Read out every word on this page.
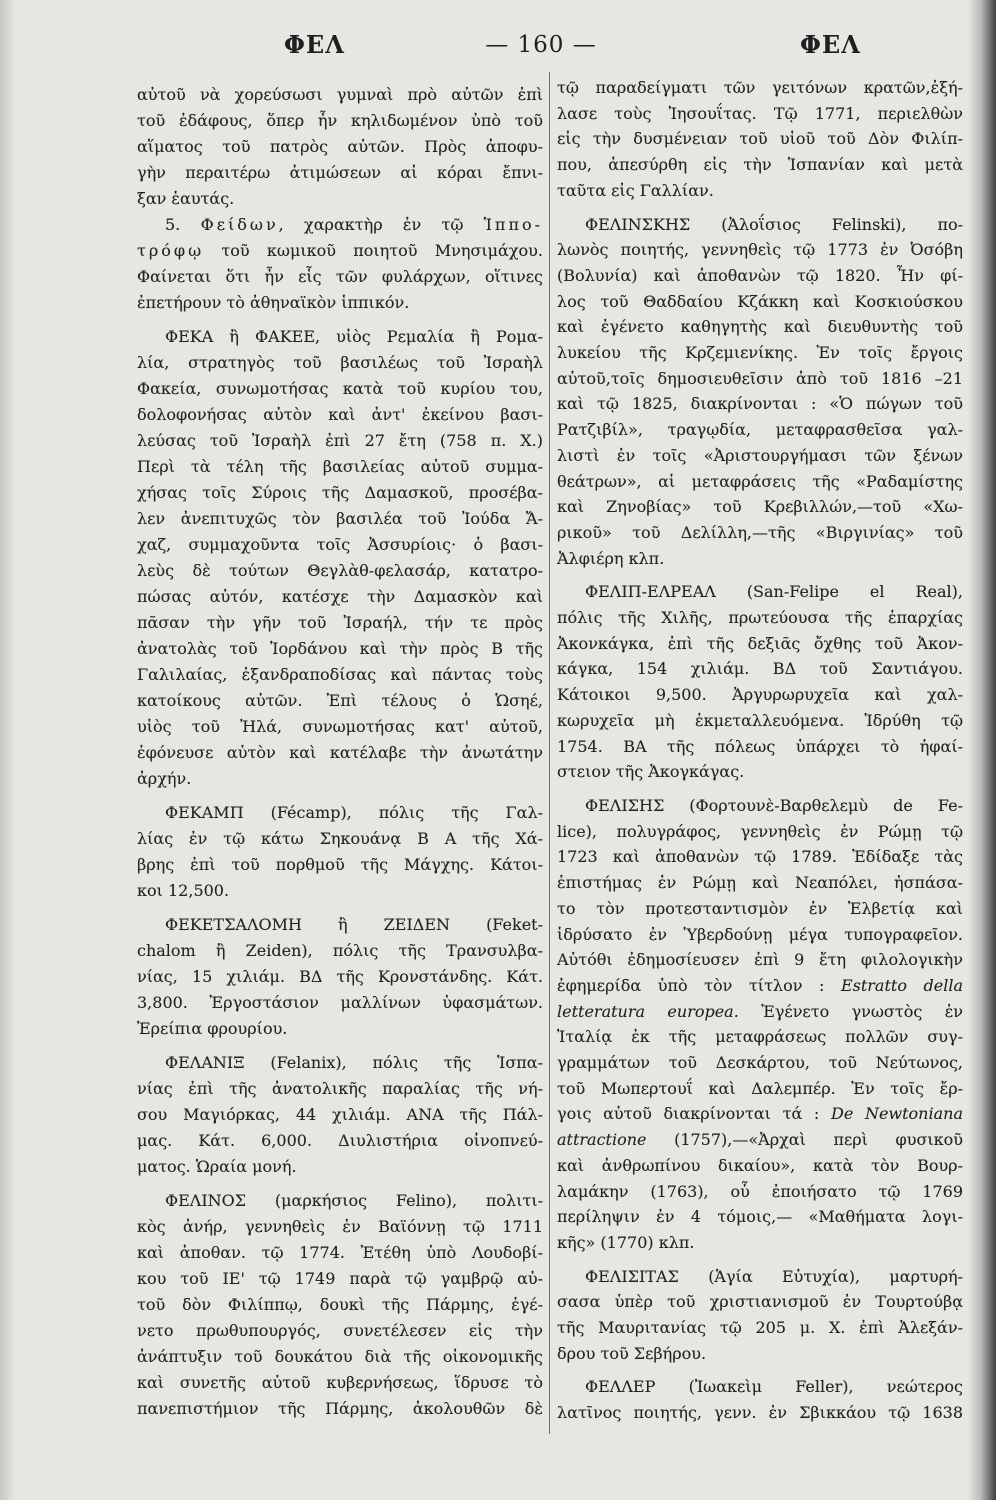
ΦΕΛ	— 160 —	ΦΕΛ
αὐτοῦ νὰ χορεύσωσι γυμναὶ πρὸ αὐτῶν ἐπὶ
τοῦ ἐδάφους, ὅπερ ἦν κηλιδωμένον ὑπὸ τοῦ
αἵματος τοῦ πατρὸς αὐτῶν. Πρὸς ἀποφυ-
γὴν περαιτέρω ἀτιμώσεων αἱ κόραι ἔπνι-
ξαν ἑαυτάς.
5. Φείδων, χαρακτὴρ ἐν τῷ Ἱππο-
τρόφῳ τοῦ κωμικοῦ ποιητοῦ Μνησιμάχου.
Φαίνεται ὅτι ἦν εἷς τῶν φυλάρχων, οἵτινες
ἐπετήρουν τὸ ἀθηναϊκὸν ἱππικόν.
ΦΕΚΑ ἢ ΦΑΚΕΕ, υἱὸς Ρεμαλία ἢ Ρομα-
λία, στρατηγὸς τοῦ βασιλέως τοῦ Ἰσραὴλ
Φακεία, συνωμοτήσας κατὰ τοῦ κυρίου του,
δολοφονήσας αὐτὸν καὶ ἀντ' ἐκείνου βασι-
λεύσας τοῦ Ἰσραὴλ ἐπὶ 27 ἔτη (758 π. Χ.)
Περὶ τὰ τέλη τῆς βασιλείας αὐτοῦ συμμα-
χήσας τοῖς Σύροις τῆς Δαμασκοῦ, προσέβα-
λεν ἀνεπιτυχῶς τὸν βασιλέα τοῦ Ἰούδα Ἄ-
χαζ, συμμαχοῦντα τοῖς Ἀσσυρίοις· ὁ βασι-
λεὺς δὲ τούτων Θεγλὰθ-φελασάρ, κατατρο-
πώσας αὐτόν, κατέσχε τὴν Δαμασκὸν καὶ
πᾶσαν τὴν γῆν τοῦ Ἰσραήλ, τήν τε πρὸς
ἀνατολὰς τοῦ Ἰορδάνου καὶ τὴν πρὸς Β τῆς
Γαλιλαίας, ἐξανδραποδίσας καὶ πάντας τοὺς
κατοίκους αὐτῶν. Ἐπὶ τέλους ὁ Ὡσηέ,
υἱὸς τοῦ Ἠλά, συνωμοτήσας κατ' αὐτοῦ,
ἐφόνευσε αὐτὸν καὶ κατέλαβε τὴν ἀνωτάτην
ἀρχήν.
ΦΕΚΑΜΠ (Fécamp), πόλις τῆς Γαλ-
λίας ἐν τῷ κάτω Σηκουάνᾳ Β Α τῆς Χά-
βρης ἐπὶ τοῦ πορθμοῦ τῆς Μάγχης. Κάτοι-
κοι 12,500.
ΦΕΚΕΤΣΑΛΟΜΗ ἢ ΖΕΙΔΕΝ (Feket-
chalom ἢ Zeiden), πόλις τῆς Τρανσυλβα-
νίας, 15 χιλιάμ. ΒΔ τῆς Κρονστάνδης. Κάτ.
3,800. Ἐργοστάσιον μαλλίνων ὑφασμάτων.
Ἐρείπια φρουρίου.
ΦΕΛΑΝΙΞ (Felanix), πόλις τῆς Ἱσπα-
νίας ἐπὶ τῆς ἀνατολικῆς παραλίας τῆς νή-
σου Μαγιόρκας, 44 χιλιάμ. ΑΝΑ τῆς Πάλ-
μας. Κάτ. 6,000. Διυλιστήρια οἰνοπνεύ-
ματος. Ὡραία μονή.
ΦΕΛΙΝΟΣ (μαρκήσιος Felino), πολιτι-
κὸς ἀνήρ, γεννηθεὶς ἐν Βαϊόννῃ τῷ 1711
καὶ ἀποθαν. τῷ 1774. Ἐτέθη ὑπὸ Λουδοβί-
κου τοῦ ΙΕ' τῷ 1749 παρὰ τῷ γαμβρῷ αὐ-
τοῦ δὸν Φιλίππῳ, δουκὶ τῆς Πάρμης, ἐγέ-
νετο πρωθυπουργός, συνετέλεσεν εἰς τὴν
ἀνάπτυξιν τοῦ δουκάτου διὰ τῆς οἰκονομικῆς
καὶ συνετῆς αὐτοῦ κυβερνήσεως, ἵδρυσε τὸ
πανεπιστήμιον τῆς Πάρμης, ἀκολουθῶν δὲ
τῷ παραδείγματι τῶν γειτόνων κρατῶν,ἐξή-
λασε τοὺς Ἰησουΐτας. Τῷ 1771, περιελθὼν
εἰς τὴν δυσμένειαν τοῦ υἱοῦ τοῦ Δὸν Φιλίπ-
που, ἀπεσύρθη εἰς τὴν Ἱσπανίαν καὶ μετὰ
ταῦτα εἰς Γαλλίαν.
ΦΕΛΙΝΣΚΗΣ (Ἀλοΐσιος Felinski), πο-
λωνὸς ποιητής, γεννηθεὶς τῷ 1773 ἐν Ὀσόβη
(Βολυνία) καὶ ἀποθανὼν τῷ 1820. Ἦν φί-
λος τοῦ Θαδδαίου Κζάκκη καὶ Κοσκιούσκου
καὶ ἐγένετο καθηγητὴς καὶ διευθυντὴς τοῦ
λυκείου τῆς Κρζεμιενίκης. Ἐν τοῖς ἔργοις
αὐτοῦ,τοῖς δημοσιευθεῖσιν ἀπὸ τοῦ 1816 –21
καὶ τῷ 1825, διακρίνονται : «Ὁ πώγων τοῦ
Ρατζιβίλ», τραγῳδία, μεταφρασθεῖσα γαλ-
λιστὶ ἐν τοῖς «Ἀριστουργήμασι τῶν ξένων
θεάτρων», αἱ μεταφράσεις τῆς «Ραδαμίστης
καὶ Ζηνοβίας» τοῦ Κρεβιλλών,—τοῦ «Χω-
ρικοῦ» τοῦ Δελίλλη,—τῆς «Βιργινίας» τοῦ
Ἀλφιέρη κλπ.
ΦΕΛΙΠ-ΕΛΡΕΑΛ (San-Felipe el Real),
πόλις τῆς Χιλῆς, πρωτεύουσα τῆς ἐπαρχίας
Ἀκονκάγκα, ἐπὶ τῆς δεξιᾶς ὄχθης τοῦ Ἀκον-
κάγκα, 154 χιλιάμ. ΒΔ τοῦ Σαντιάγου.
Κάτοικοι 9,500. Ἀργυρωρυχεῖα καὶ χαλ-
κωρυχεῖα μὴ ἐκμεταλλευόμενα. Ἱδρύθη τῷ
1754. ΒΑ τῆς πόλεως ὑπάρχει τὸ ἡφαί-
στειον τῆς Ἀκογκάγας.
ΦΕΛΙΣΗΣ (Φορτουνὲ-Βαρθελεμὺ de Fe-
lice), πολυγράφος, γεννηθεὶς ἐν Ρώμῃ τῷ
1723 καὶ ἀποθανὼν τῷ 1789. Ἐδίδαξε τὰς
ἐπιστήμας ἐν Ρώμῃ καὶ Νεαπόλει, ἠσπάσα-
το τὸν προτεσταντισμὸν ἐν Ἑλβετίᾳ καὶ
ἱδρύσατο ἐν Ὑβερδούνῃ μέγα τυπογραφεῖον.
Αὐτόθι ἐδημοσίευσεν ἐπὶ 9 ἔτη φιλολογικὴν
ἐφημερίδα ὑπὸ τὸν τίτλον : Estratto della
letteratura europea. Ἐγένετο γνωστὸς ἐν
Ἰταλίᾳ ἐκ τῆς μεταφράσεως πολλῶν συγ-
γραμμάτων τοῦ Δεσκάρτου, τοῦ Νεύτωνος,
τοῦ Μωπερτουΐ καὶ Δαλεμπέρ. Ἐν τοῖς ἔρ-
γοις αὐτοῦ διακρίνονται τά : De Newtoniana
attractione (1757),—«Ἀρχαὶ περὶ φυσικοῦ
καὶ ἀνθρωπίνου δικαίου», κατὰ τὸν Βουρ-
λαμάκην (1763), οὗ ἐποιήσατο τῷ 1769
περίληψιν ἐν 4 τόμοις,— «Μαθήματα λογι-
κῆς» (1770) κλπ.
ΦΕΛΙΣΙΤΑΣ (Ἁγία Εὐτυχία), μαρτυρή-
σασα ὑπὲρ τοῦ χριστιανισμοῦ ἐν Τουρτούβᾳ
τῆς Μαυριτανίας τῷ 205 μ. Χ. ἐπὶ Ἀλεξάν-
δρου τοῦ Σεβήρου.
ΦΕΛΛΕΡ (Ἰωακεὶμ Feller), νεώτερος
λατῖνος ποιητής, γενν. ἐν Σβικκάου τῷ 1638
